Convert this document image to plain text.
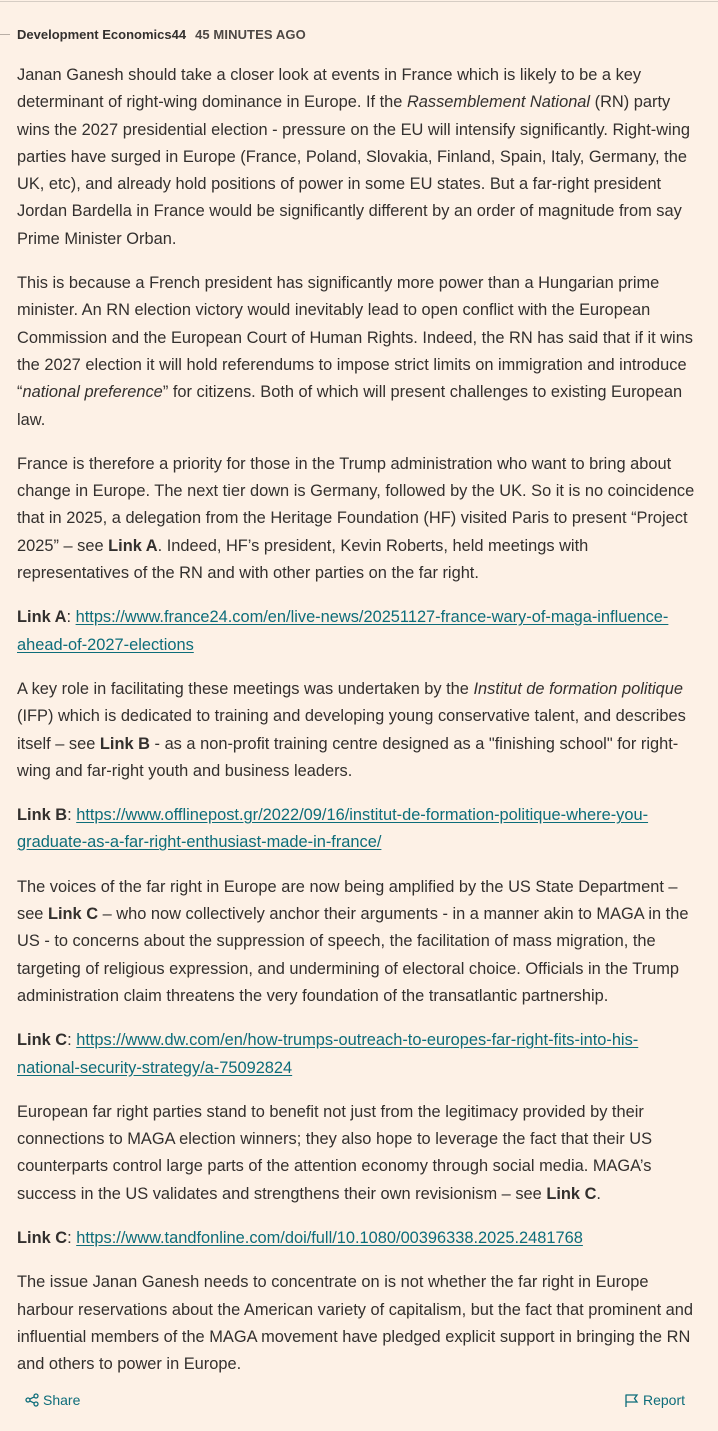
Development Economics44 45 MINUTES AGO

Janan Ganesh should take a closer look at events in France which is likely to be a key determinant of right-wing dominance in Europe. If the Rassemblement National (RN) party wins the 2027 presidential election - pressure on the EU will intensify significantly. Right-wing parties have surged in Europe (France, Poland, Slovakia, Finland, Spain, Italy, Germany, the UK, etc), and already hold positions of power in some EU states. But a far-right president Jordan Bardella in France would be significantly different by an order of magnitude from say Prime Minister Orban.

This is because a French president has significantly more power than a Hungarian prime minister. An RN election victory would inevitably lead to open conflict with the European Commission and the European Court of Human Rights. Indeed, the RN has said that if it wins the 2027 election it will hold referendums to impose strict limits on immigration and introduce “national preference” for citizens. Both of which will present challenges to existing European law.

France is therefore a priority for those in the Trump administration who want to bring about change in Europe. The next tier down is Germany, followed by the UK. So it is no coincidence that in 2025, a delegation from the Heritage Foundation (HF) visited Paris to present “Project 2025” – see Link A. Indeed, HF’s president, Kevin Roberts, held meetings with representatives of the RN and with other parties on the far right.

Link A: https://www.france24.com/en/live-news/20251127-france-wary-of-maga-influence-ahead-of-2027-elections

A key role in facilitating these meetings was undertaken by the Institut de formation politique (IFP) which is dedicated to training and developing young conservative talent, and describes itself – see Link B - as a non-profit training centre designed as a "finishing school" for right-wing and far-right youth and business leaders.

Link B: https://www.offlinepost.gr/2022/09/16/institut-de-formation-politique-where-you-graduate-as-a-far-right-enthusiast-made-in-france/

The voices of the far right in Europe are now being amplified by the US State Department – see Link C – who now collectively anchor their arguments - in a manner akin to MAGA in the US - to concerns about the suppression of speech, the facilitation of mass migration, the targeting of religious expression, and undermining of electoral choice. Officials in the Trump administration claim threatens the very foundation of the transatlantic partnership.

Link C: https://www.dw.com/en/how-trumps-outreach-to-europes-far-right-fits-into-his-national-security-strategy/a-75092824

European far right parties stand to benefit not just from the legitimacy provided by their connections to MAGA election winners; they also hope to leverage the fact that their US counterparts control large parts of the attention economy through social media. MAGA’s success in the US validates and strengthens their own revisionism – see Link C.

Link C: https://www.tandfonline.com/doi/full/10.1080/00396338.2025.2481768

The issue Janan Ganesh needs to concentrate on is not whether the far right in Europe harbour reservations about the American variety of capitalism, but the fact that prominent and influential members of the MAGA movement have pledged explicit support in bringing the RN and others to power in Europe.

Share	Report
